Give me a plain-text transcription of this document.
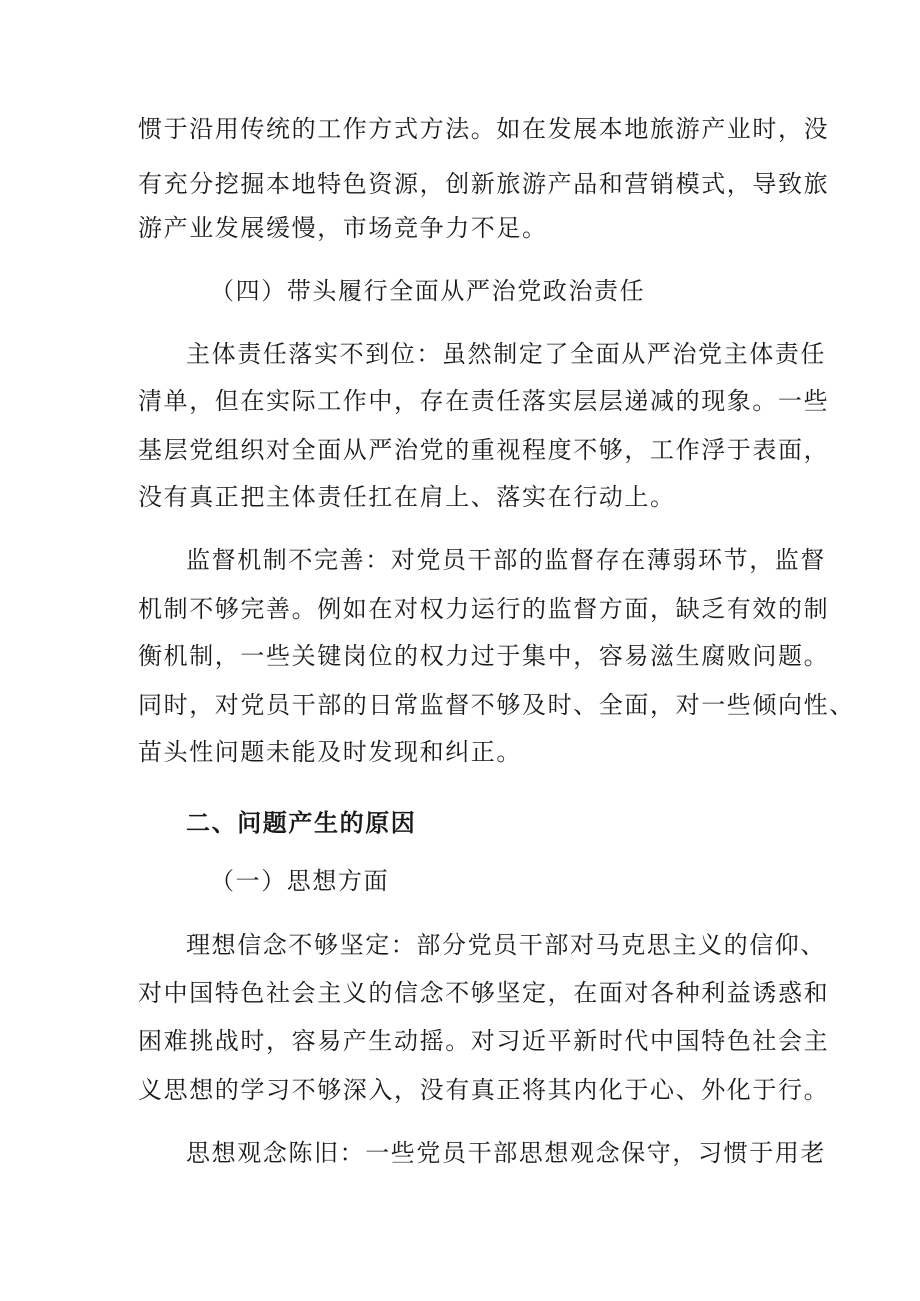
惯于沿用传统的工作方式方法。如在发展本地旅游产业时，没
有充分挖掘本地特色资源，创新旅游产品和营销模式，导致旅
游产业发展缓慢，市场竞争力不足。
（四）带头履行全面从严治党政治责任
主体责任落实不到位：虽然制定了全面从严治党主体责任
清单，但在实际工作中，存在责任落实层层递减的现象。一些
基层党组织对全面从严治党的重视程度不够，工作浮于表面，
没有真正把主体责任扛在肩上、落实在行动上。
监督机制不完善：对党员干部的监督存在薄弱环节，监督
机制不够完善。例如在对权力运行的监督方面，缺乏有效的制
衡机制，一些关键岗位的权力过于集中，容易滋生腐败问题。
同时，对党员干部的日常监督不够及时、全面，对一些倾向性、
苗头性问题未能及时发现和纠正。
二、问题产生的原因
（一）思想方面
理想信念不够坚定：部分党员干部对马克思主义的信仰、
对中国特色社会主义的信念不够坚定，在面对各种利益诱惑和
困难挑战时，容易产生动摇。对习近平新时代中国特色社会主
义思想的学习不够深入，没有真正将其内化于心、外化于行。
思想观念陈旧：一些党员干部思想观念保守，习惯于用老
